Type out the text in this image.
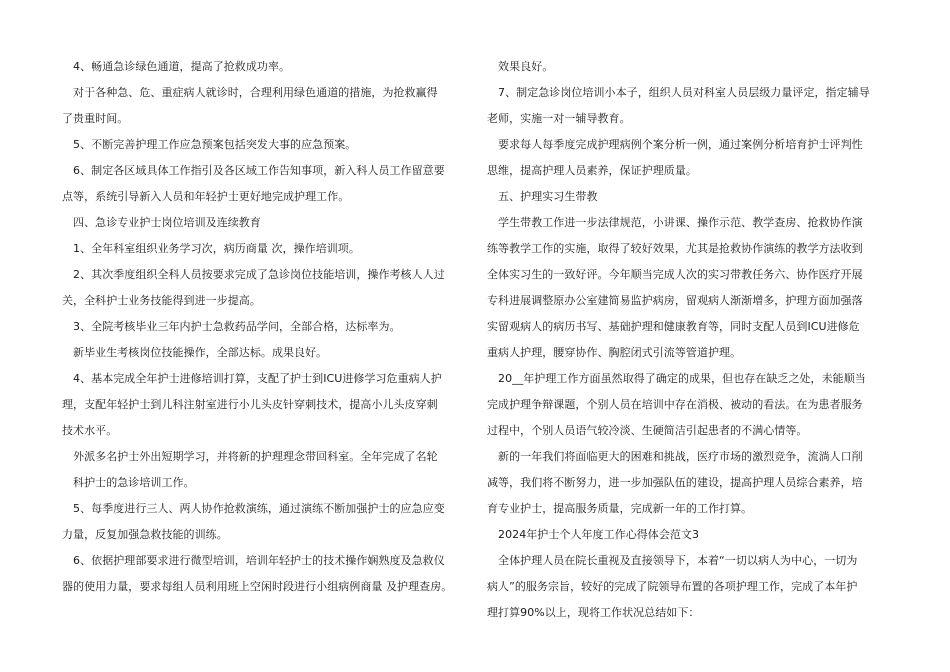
　4、畅通急诊绿色通道，提高了抢救成功率。
　对于各种急、危、重症病人就诊时，合理利用绿色通道的措施，为抢救赢得
了贵重时间。
　5、不断完善护理工作应急预案包括突发大事的应急预案。
　6、制定各区域具体工作指引及各区域工作告知事项，新入科人员工作留意要
点等，系统引导新入人员和年轻护士更好地完成护理工作。
　四、急诊专业护士岗位培训及连续教育
　1、全年科室组织业务学习次，病历商量 次，操作培训项。
　2、其次季度组织全科人员按要求完成了急诊岗位技能培训，操作考核人人过
关，全科护士业务技能得到进一步提高。
　3、全院考核毕业三年内护士急救药品学问，全部合格，达标率为。
　新毕业生考核岗位技能操作，全部达标。成果良好。
　4、基本完成全年护士进修培训打算，支配了护士到ICU进修学习危重病人护
理，支配年轻护士到儿科注射室进行小儿头皮针穿刺技术，提高小儿头皮穿刺
技术水平。
　外派多名护士外出短期学习，并将新的护理理念带回科室。全年完成了名轮
　科护士的急诊培训工作。
　5、每季度进行三人、两人协作抢救演练，通过演练不断加强护士的应急应变
力量，反复加强急救技能的训练。
　6、依据护理部要求进行微型培训，培训年轻护士的技术操作娴熟度及急救仪
器的使用力量，要求每组人员利用班上空闲时段进行小组病例商量 及护理查房。
　效果良好。
　7、制定急诊岗位培训小本子，组织人员对科室人员层级力量评定，指定辅导
老师，实施一对一辅导教育。
　要求每人每季度完成护理病例个案分析一例，通过案例分析培育护士评判性
思维，提高护理人员素养，保证护理质量。
　五、护理实习生带教
　学生带教工作进一步法律规范，小讲课、操作示范、教学查房、抢救协作演
练等教学工作的实施，取得了较好效果，尤其是抢救协作演练的教学方法收到
全体实习生的一致好评。今年顺当完成人次的实习带教任务六、协作医疗开展
专科进展调整原办公室建简易监护病房，留观病人渐渐增多，护理方面加强落
实留观病人的病历书写、基础护理和健康教育等，同时支配人员到ICU进修危
重病人护理，腰穿协作、胸腔闭式引流等管道护理。
　20__年护理工作方面虽然取得了确定的成果，但也存在缺乏之处，未能顺当
完成护理争辩课题，个别人员在培训中存在消极、被动的看法。在为患者服务
过程中，个别人员语气较冷淡、生硬简洁引起患者的不满心情等。
　新的一年我们将面临更大的困难和挑战，医疗市场的激烈竞争，流淌人口削
减等，我们将不断努力，进一步加强队伍的建设，提高护理人员综合素养，培
育专业护士，提高服务质量，完成新一年的工作打算。
　2024年护士个人年度工作心得体会范文3
　全体护理人员在院长重视及直接领导下，本着“一切以病人为中心，一切为
病人”的服务宗旨，较好的完成了院领导布置的各项护理工作，完成了本年护
理打算90%以上，现将工作状况总结如下：
